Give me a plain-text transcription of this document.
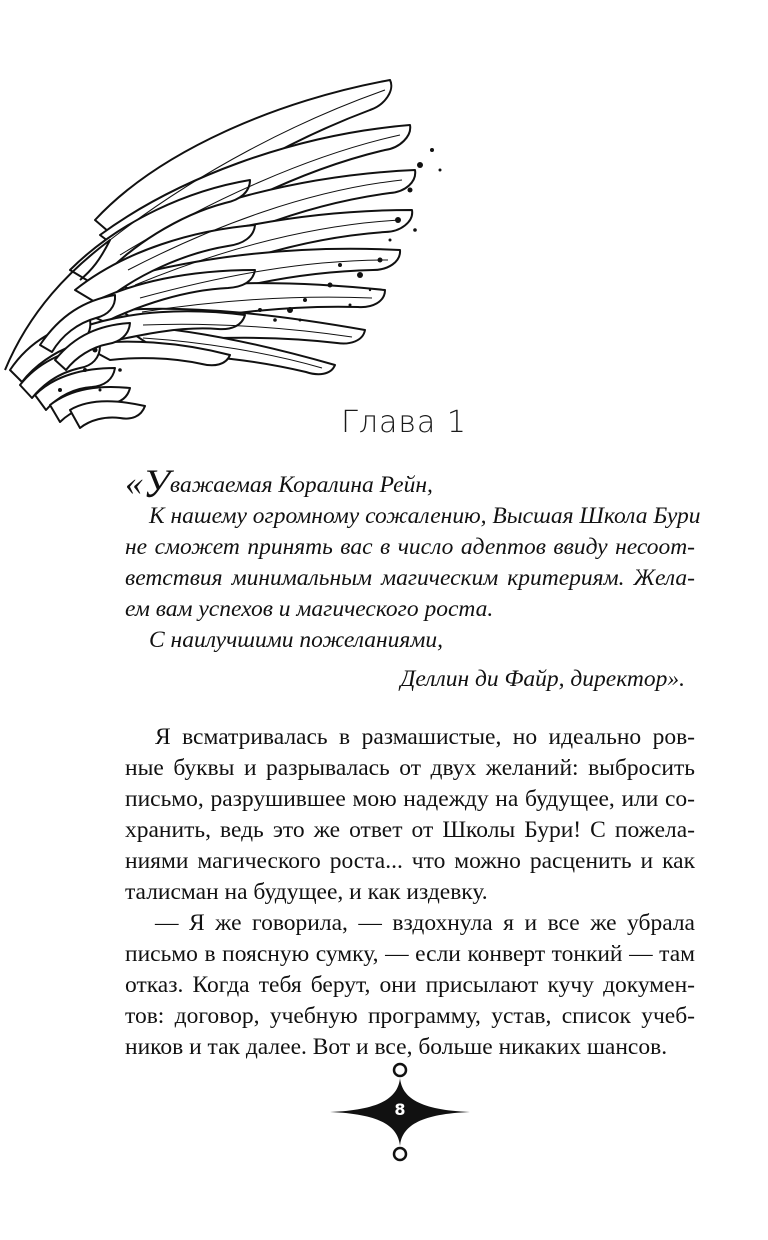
Глава 1
«Уважаемая Коралина Рейн,
К нашему огромному сожалению, Высшая Школа Бури
не сможет принять вас в число адептов ввиду несоот-
ветствия минимальным магическим критериям. Жела-
ем вам успехов и магического роста.
С наилучшими пожеланиями,
Деллин ди Файр, директор».
Я всматривалась в размашистые, но идеально ров-
ные буквы и разрывалась от двух желаний: выбросить
письмо, разрушившее мою надежду на будущее, или со-
хранить, ведь это же ответ от Школы Бури! С пожела-
ниями магического роста... что можно расценить и как
талисман на будущее, и как издевку.
— Я же говорила, — вздохнула я и все же убрала
письмо в поясную сумку, — если конверт тонкий — там
отказ. Когда тебя берут, они присылают кучу докумен-
тов: договор, учебную программу, устав, список учеб-
ников и так далее. Вот и все, больше никаких шансов.
8
